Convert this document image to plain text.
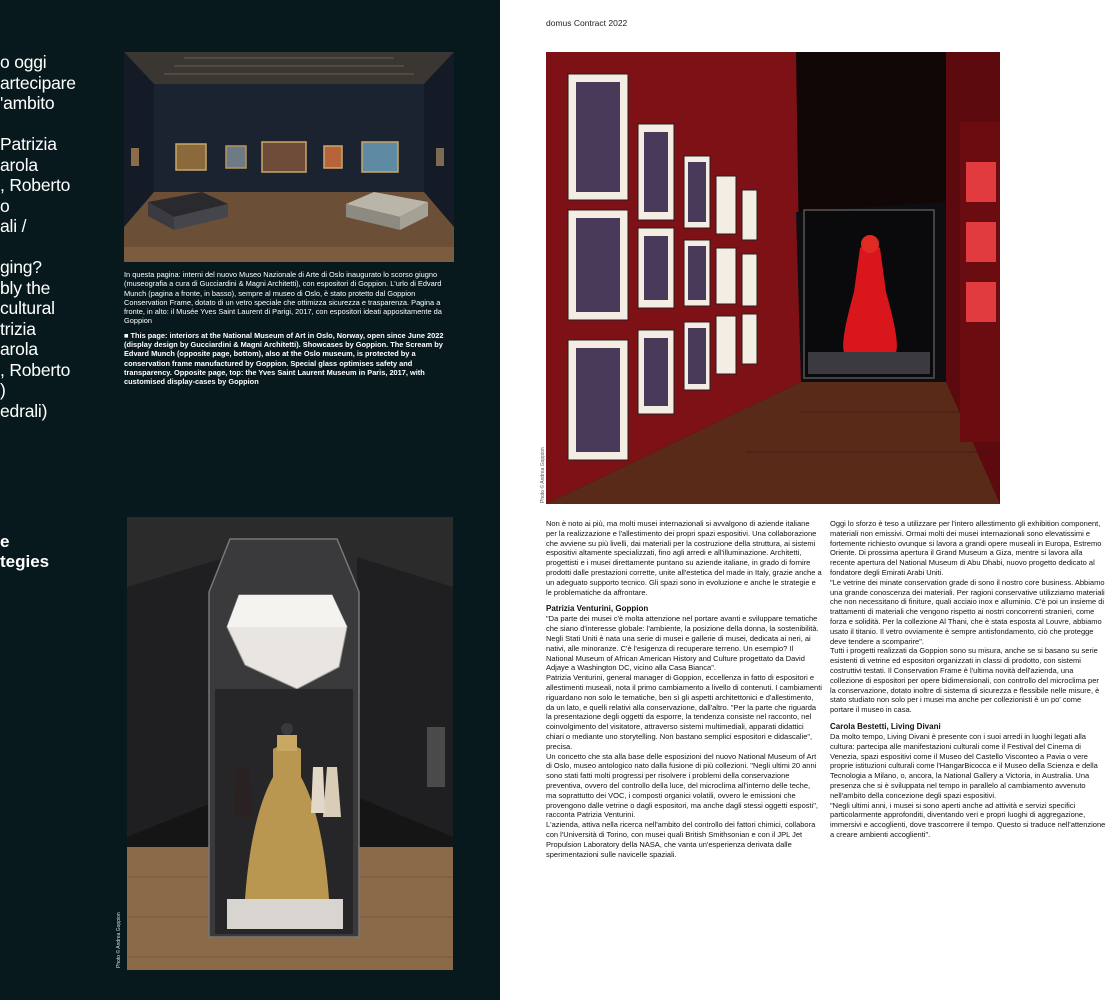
o oggi
artecipare
'ambito

Patrizia
arola
, Roberto
o
ali /

ging?
bly the
cultural
trizia
arola
, Roberto
)
edrali)

In questa pagina: interni del nuovo Museo Nazionale di Arte di Oslo inaugurato lo scorso giugno (museografia a cura di Gucciardini & Magni Architetti), con espositori di Goppion. L'urlo di Edvard Munch (pagina a fronte, in basso), sempre al museo di Oslo, è stato protetto dal Goppion Conservation Frame, dotato di un vetro speciale che ottimizza sicurezza e trasparenza. Pagina a fronte, in alto: il Musée Yves Saint Laurent di Parigi, 2017, con espositori ideati appositamente da Goppion

■ This page: interiors at the National Museum of Art in Oslo, Norway, open since June 2022 (display design by Gucciardini & Magni Architetti). Showcases by Goppion. The Scream by Edvard Munch (opposite page, bottom), also at the Oslo museum, is protected by a conservation frame manufactured by Goppion. Special glass optimises safety and transparency. Opposite page, top: the Yves Saint Laurent Museum in Paris, 2017, with customised display-cases by Goppion

e
tegies
Photo © Andrea Goppion
domus Contract 2022
Photo © Andrea Goppion

Non è noto ai più, ma molti musei internazionali si avvalgono di aziende italiane per la realizzazione e l'allestimento dei propri spazi espositivi. Una collaborazione che avviene su più livelli, dai materiali per la costruzione della struttura, ai sistemi espositivi altamente specializzati, fino agli arredi e all'illuminazione. Architetti, progettisti e i musei direttamente puntano su aziende italiane, in grado di fornire prodotti dalle prestazioni corrette, unite all'estetica del made in Italy, grazie anche a un adeguato supporto tecnico. Gli spazi sono in evoluzione e anche le strategie e le problematiche da affrontare.

Patrizia Venturini, Goppion

"Da parte dei musei c'è molta attenzione nel portare avanti e sviluppare tematiche che siano d'interesse globale: l'ambiente, la posizione della donna, la sostenibilità. Negli Stati Uniti è nata una serie di musei e gallerie di musei, dedicata ai neri, ai nativi, alle minoranze. C'è l'esigenza di recuperare terreno. Un esempio? Il National Museum of African American History and Culture progettato da David Adjaye a Washington DC, vicino alla Casa Bianca".

Patrizia Venturini, general manager di Goppion, eccellenza in fatto di espositori e allestimenti museali, nota il primo cambiamento a livello di contenuti. I cambiamenti riguardano non solo le tematiche, ben sì gli aspetti architettonici e d'allestimento, da un lato, e quelli relativi alla conservazione, dall'altro. "Per la parte che riguarda la presentazione degli oggetti da esporre, la tendenza consiste nel racconto, nel coinvolgimento del visitatore, attraverso sistemi multimediali, apparati didattici chiari o mediante uno storytelling. Non bastano semplici espositori e didascalie", precisa.

Un concetto che sta alla base delle esposizioni del nuovo National Museum of Art di Oslo, museo antologico nato dalla fusione di più collezioni. "Negli ultimi 20 anni sono stati fatti molti progressi per risolvere i problemi della conservazione preventiva, ovvero del controllo della luce, del microclima all'interno delle teche, ma soprattutto dei VOC, i composti organici volatili, ovvero le emissioni che provengono dalle vetrine o dagli espositori, ma anche dagli stessi oggetti esposti", racconta Patrizia Venturini.

L'azienda, attiva nella ricerca nell'ambito del controllo dei fattori chimici, collabora con l'Università di Torino, con musei quali British Smithsonian e con il JPL Jet Propulsion Laboratory della NASA, che vanta un'esperienza derivata dalle sperimentazioni sulle navicelle spaziali.

Oggi lo sforzo è teso a utilizzare per l'intero allestimento gli exhibition component, materiali non emissivi. Ormai molti dei musei internazionali sono elevatissimi e fortemente richiesto ovunque si lavora a grandi opere museali in Europa, Estremo Oriente. Di prossima apertura il Grand Museum a Giza, mentre si lavora alla recente apertura del National Museum di Abu Dhabi, nuovo progetto dedicato al fondatore degli Emirati Arabi Uniti.

"Le vetrine dei minate conservation grade di sono il nostro core business. Abbiamo una grande conoscenza dei materiali. Per ragioni conservative utilizziamo materiali che non necessitano di finiture, quali acciaio inox e alluminio. C'è poi un insieme di trattamenti di materiali che vengono rispetto ai nostri concorrenti stranieri, come forza e solidità. Per la collezione Al Thani, che è stata esposta al Louvre, abbiamo usato il titanio. Il vetro ovviamente è sempre antisfondamento, ciò che protegge deve tendere a scomparire".

Tutti i progetti realizzati da Goppion sono su misura, anche se si basano su serie esistenti di vetrine ed espositori organizzati in classi di prodotto, con sistemi costruttivi testati. Il Conservation Frame è l'ultima novità dell'azienda, una collezione di espositori per opere bidimensionali, con controllo del microclima per la conservazione, dotato inoltre di sistema di sicurezza e flessibile nelle misure, è stato studiato non solo per i musei ma anche per collezionisti è un po' come portare il museo in casa.

Carola Bestetti, Living Divani

Da molto tempo, Living Divani è presente con i suoi arredi in luoghi legati alla cultura: partecipa alle manifestazioni culturali come il Festival del Cinema di Venezia, spazi espositivi come il Museo del Castello Visconteo a Pavia o vere proprie istituzioni culturali come l'HangarBicocca e il Museo della Scienza e della Tecnologia a Milano, o, ancora, la National Gallery a Victoria, in Australia. Una presenza che si è sviluppata nel tempo in parallelo al cambiamento avvenuto nell'ambito della concezione degli spazi espositivi.

"Negli ultimi anni, i musei si sono aperti anche ad attività e servizi specifici particolarmente approfonditi, diventando veri e propri luoghi di aggregazione, immersivi e accoglienti, dove trascorrere il tempo. Questo si traduce nell'attenzione a creare ambienti accoglienti".
